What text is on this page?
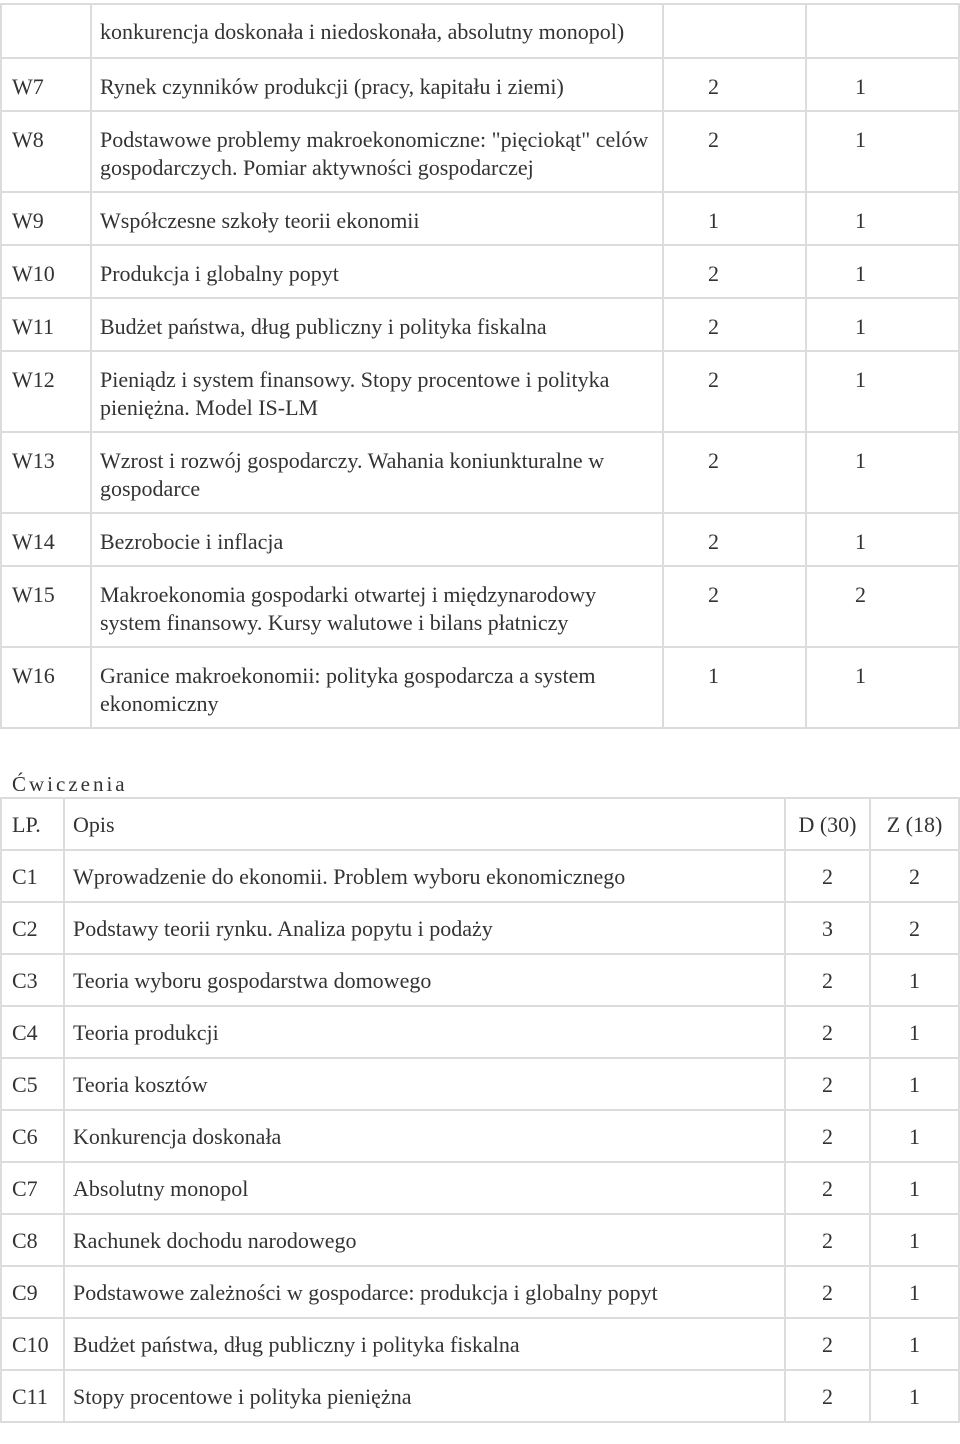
	konkurencja doskonała i niedoskonała, absolutny monopol)		
W7	Rynek czynników produkcji (pracy, kapitału i ziemi)	2	1
W8	Podstawowe problemy makroekonomiczne: "pięciokąt" celów gospodarczych. Pomiar aktywności gospodarczej	2	1
W9	Współczesne szkoły teorii ekonomii	1	1
W10	Produkcja i globalny popyt	2	1
W11	Budżet państwa, dług publiczny i polityka fiskalna	2	1
W12	Pieniądz i system finansowy. Stopy procentowe i polityka pieniężna. Model IS-LM	2	1
W13	Wzrost i rozwój gospodarczy. Wahania koniunkturalne w gospodarce	2	1
W14	Bezrobocie i inflacja	2	1
W15	Makroekonomia gospodarki otwartej i międzynarodowy system finansowy. Kursy walutowe i bilans płatniczy	2	2
W16	Granice makroekonomii: polityka gospodarcza a system ekonomiczny	1	1
Ćwiczenia
LP.	Opis	D (30)	Z (18)
C1	Wprowadzenie do ekonomii. Problem wyboru ekonomicznego	2	2
C2	Podstawy teorii rynku. Analiza popytu i podaży	3	2
C3	Teoria wyboru gospodarstwa domowego	2	1
C4	Teoria produkcji	2	1
C5	Teoria kosztów	2	1
C6	Konkurencja doskonała	2	1
C7	Absolutny monopol	2	1
C8	Rachunek dochodu narodowego	2	1
C9	Podstawowe zależności w gospodarce: produkcja i globalny popyt	2	1
C10	Budżet państwa, dług publiczny i polityka fiskalna	2	1
C11	Stopy procentowe i polityka pieniężna	2	1
